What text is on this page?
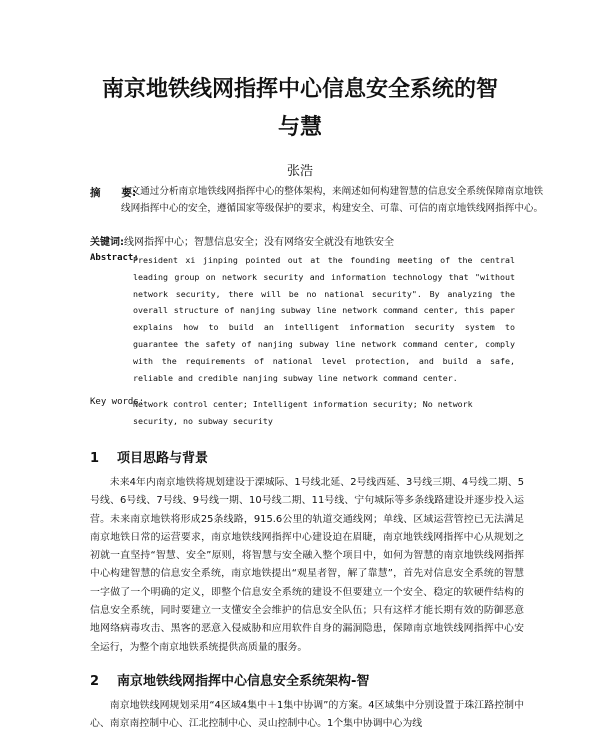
南京地铁线网指挥中心信息安全系统的智
与慧
张浩
摘　　要:
本文通过分析南京地铁线网指挥中心的整体架构，来阐述如何构建智慧的信息安全系统保障南京地铁线网指挥中心的安全，遵循国家等级保护的要求，构建安全、可靠、可信的南京地铁线网指挥中心。
关键词:线网指挥中心；智慧信息安全；没有网络安全就没有地铁安全
Abstract:
President xi jinping pointed out at the founding meeting of the central leading group on network security and information technology that "without network security, there will be no national security". By analyzing the overall structure of nanjing subway line network command center, this paper explains how to build an intelligent information security system to guarantee the safety of nanjing subway line network command center, comply with the requirements of national level protection, and build a safe, reliable and credible nanjing subway line network command center.
Key words:
Network control center; Intelligent information security; No network security, no subway security
1 项目思路与背景
未来4年内南京地铁将规划建设于溧城际、1号线北延、2号线西延、3号线三期、4号线二期、5号线、6号线、7号线、9号线一期、10号线二期、11号线、宁句城际等多条线路建设并逐步投入运营。未来南京地铁将形成25条线路，915.6公里的轨道交通线网；单线、区域运营管控已无法满足南京地铁日常的运营要求，南京地铁线网指挥中心建设迫在眉睫，南京地铁线网指挥中心从规划之初就一直坚持“智慧、安全”原则，将智慧与安全融入整个项目中，如何为智慧的南京地铁线网指挥中心构建智慧的信息安全系统，南京地铁提出“观星者智，解了靠慧”，首先对信息安全系统的智慧一字做了一个明确的定义，即整个信息安全系统的建设不但要建立一个安全、稳定的软硬件结构的信息安全系统，同时要建立一支懂安全会维护的信息安全队伍；只有这样才能长期有效的防御恶意地网络病毒攻击、黑客的恶意入侵威胁和应用软件自身的漏洞隐患，保障南京地铁线网指挥中心安全运行，为整个南京地铁系统提供高质量的服务。
2 南京地铁线网指挥中心信息安全系统架构-智
南京地铁线网规划采用“4区域4集中＋1集中协调”的方案。4区域集中分别设置于珠江路控制中心、南京南控制中心、江北控制中心、灵山控制中心。1个集中协调中心为线
